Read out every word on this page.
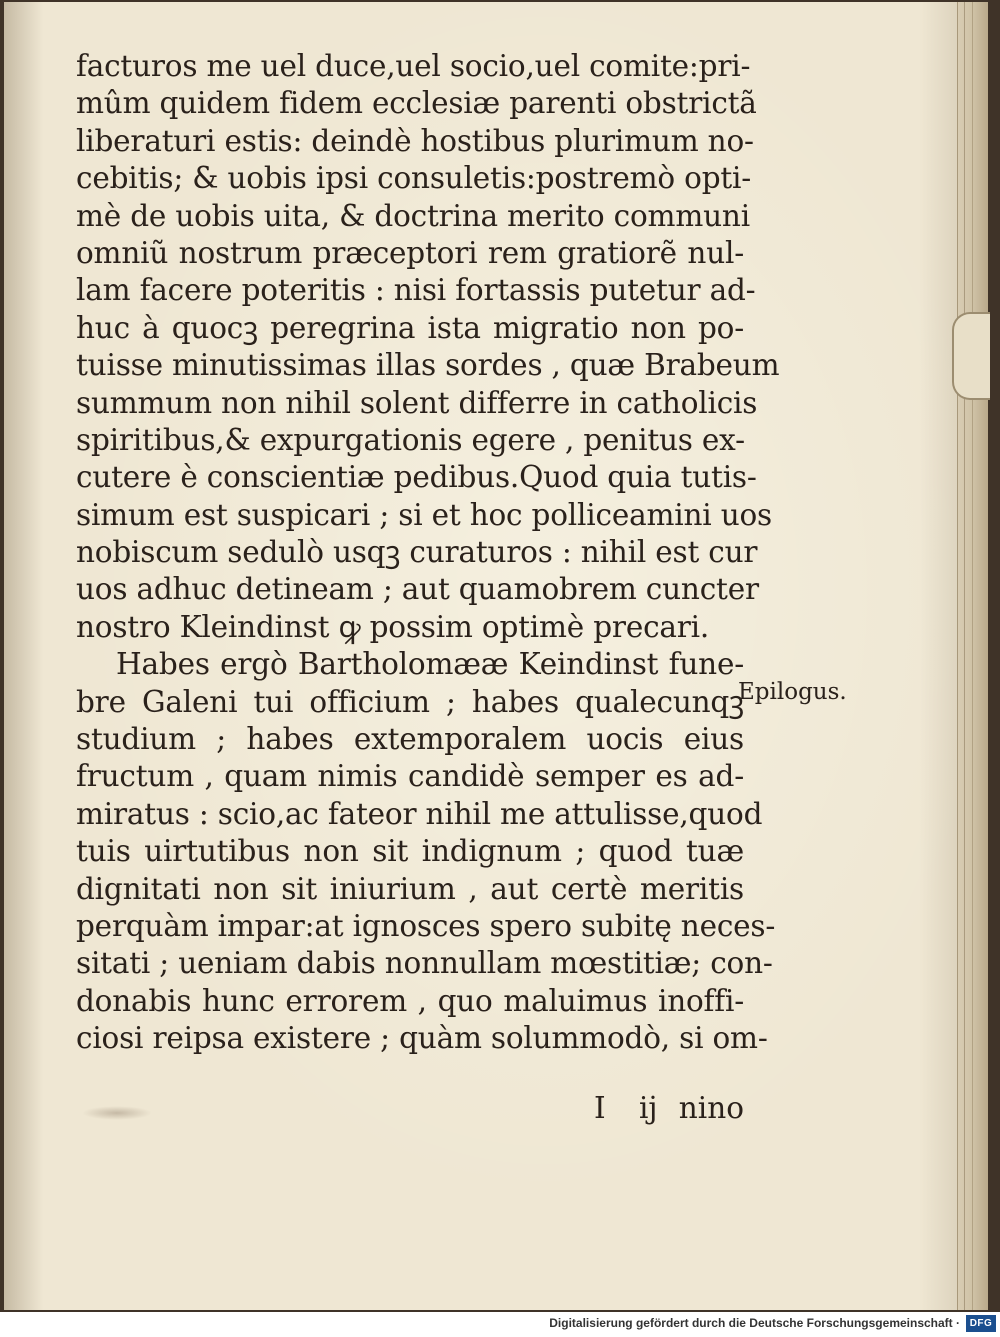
facturos me uel duce,uel socio,uel comite:pri-
mûm quidem fidem ecclesiæ parenti obstrictã
liberaturi estis: deindè hostibus plurimum no-
cebitis; & uobis ipsi consuletis:postremò opti-
mè de uobis uita, & doctrina merito communi
omniũ nostrum præceptori rem gratiorẽ nul-
lam facere poteritis : nisi fortassis putetur ad-
huc à quocꝫ peregrina ista migratio non po-
tuisse minutissimas illas sordes , quæ Brabeum
summum non nihil solent differre in catholicis
spiritibus,& expurgationis egere , penitus ex-
cutere è conscientiæ pedibus.Quod quia tutis-
simum est suspicari ; si et hoc polliceamini uos
nobiscum sedulò usqꝫ curaturos : nihil est cur
uos adhuc detineam ; aut quamobrem cuncter
nostro Kleindinst ꝙ possim optimè precari.
Habes ergò Bartholomææ Keindinst fune-
bre Galeni tui officium ; habes qualecunqꝫ
studium ; habes extemporalem uocis eius
fructum , quam nimis candidè semper es ad-
miratus : scio,ac fateor nihil me attulisse,quod
tuis uirtutibus non sit indignum ; quod tuæ
dignitati non sit iniurium , aut certè meritis
perquàm impar:at ignosces spero subitę neces-
sitati ; ueniam dabis nonnullam mœstitiæ; con-
donabis hunc errorem , quo maluimus inoffi-
ciosi reipsa existere ; quàm solummodò, si om-
I ij nino
Epilogus.
Digitalisierung gefördert durch die Deutsche Forschungsgemeinschaft · DFG
